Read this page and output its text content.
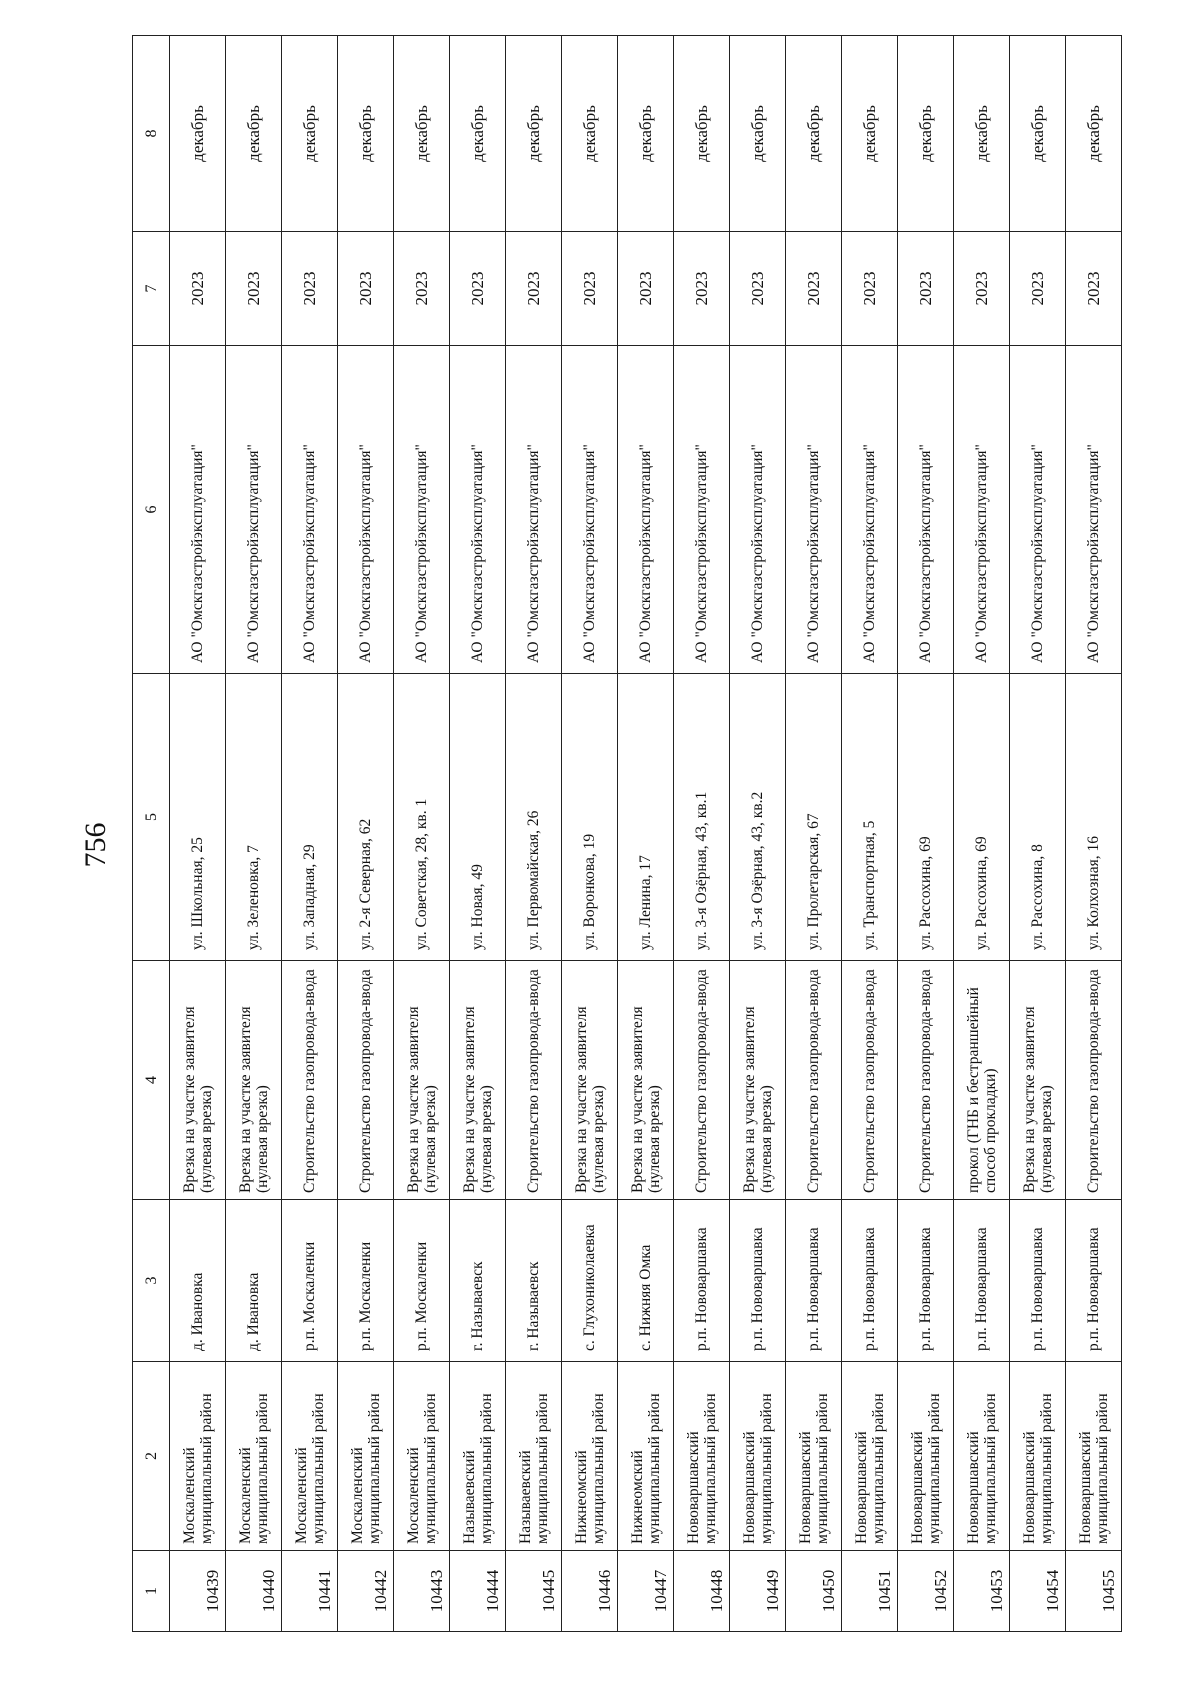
756
1	2	3	4	5	6	7	8
10439	Москаленский муниципальный район	д. Ивановка	Врезка на участке заявителя (нулевая врезка)	ул. Школьная, 25	АО "Омскгазстройэксплуатация"	2023	декабрь
10440	Москаленский муниципальный район	д. Ивановка	Врезка на участке заявителя (нулевая врезка)	ул. Зеленовка, 7	АО "Омскгазстройэксплуатация"	2023	декабрь
10441	Москаленский муниципальный район	р.п. Москаленки	Строительство газопровода-ввода	ул. Западная, 29	АО "Омскгазстройэксплуатация"	2023	декабрь
10442	Москаленский муниципальный район	р.п. Москаленки	Строительство газопровода-ввода	ул. 2-я Северная, 62	АО "Омскгазстройэксплуатация"	2023	декабрь
10443	Москаленский муниципальный район	р.п. Москаленки	Врезка на участке заявителя (нулевая врезка)	ул. Советская, 28, кв. 1	АО "Омскгазстройэксплуатация"	2023	декабрь
10444	Называевский муниципальный район	г. Называевск	Врезка на участке заявителя (нулевая врезка)	ул. Новая, 49	АО "Омскгазстройэксплуатация"	2023	декабрь
10445	Называевский муниципальный район	г. Называевск	Строительство газопровода-ввода	ул. Первомайская, 26	АО "Омскгазстройэксплуатация"	2023	декабрь
10446	Нижнеомский муниципальный район	с. Глухониколаевка	Врезка на участке заявителя (нулевая врезка)	ул. Воронкова, 19	АО "Омскгазстройэксплуатация"	2023	декабрь
10447	Нижнеомский муниципальный район	с. Нижняя Омка	Врезка на участке заявителя (нулевая врезка)	ул. Ленина, 17	АО "Омскгазстройэксплуатация"	2023	декабрь
10448	Нововаршавский муниципальный район	р.п. Нововаршавка	Строительство газопровода-ввода	ул. 3-я Озёрная, 43, кв.1	АО "Омскгазстройэксплуатация"	2023	декабрь
10449	Нововаршавский муниципальный район	р.п. Нововаршавка	Врезка на участке заявителя (нулевая врезка)	ул. 3-я Озёрная, 43, кв.2	АО "Омскгазстройэксплуатация"	2023	декабрь
10450	Нововаршавский муниципальный район	р.п. Нововаршавка	Строительство газопровода-ввода	ул. Пролетарская, 67	АО "Омскгазстройэксплуатация"	2023	декабрь
10451	Нововаршавский муниципальный район	р.п. Нововаршавка	Строительство газопровода-ввода	ул. Транспортная, 5	АО "Омскгазстройэксплуатация"	2023	декабрь
10452	Нововаршавский муниципальный район	р.п. Нововаршавка	Строительство газопровода-ввода	ул. Рассохина, 69	АО "Омскгазстройэксплуатация"	2023	декабрь
10453	Нововаршавский муниципальный район	р.п. Нововаршавка	прокол (ГНБ и бестраншейный способ прокладки)	ул. Рассохина, 69	АО "Омскгазстройэксплуатация"	2023	декабрь
10454	Нововаршавский муниципальный район	р.п. Нововаршавка	Врезка на участке заявителя (нулевая врезка)	ул. Рассохина, 8	АО "Омскгазстройэксплуатация"	2023	декабрь
10455	Нововаршавский муниципальный район	р.п. Нововаршавка	Строительство газопровода-ввода	ул. Колхозная, 16	АО "Омскгазстройэксплуатация"	2023	декабрь
